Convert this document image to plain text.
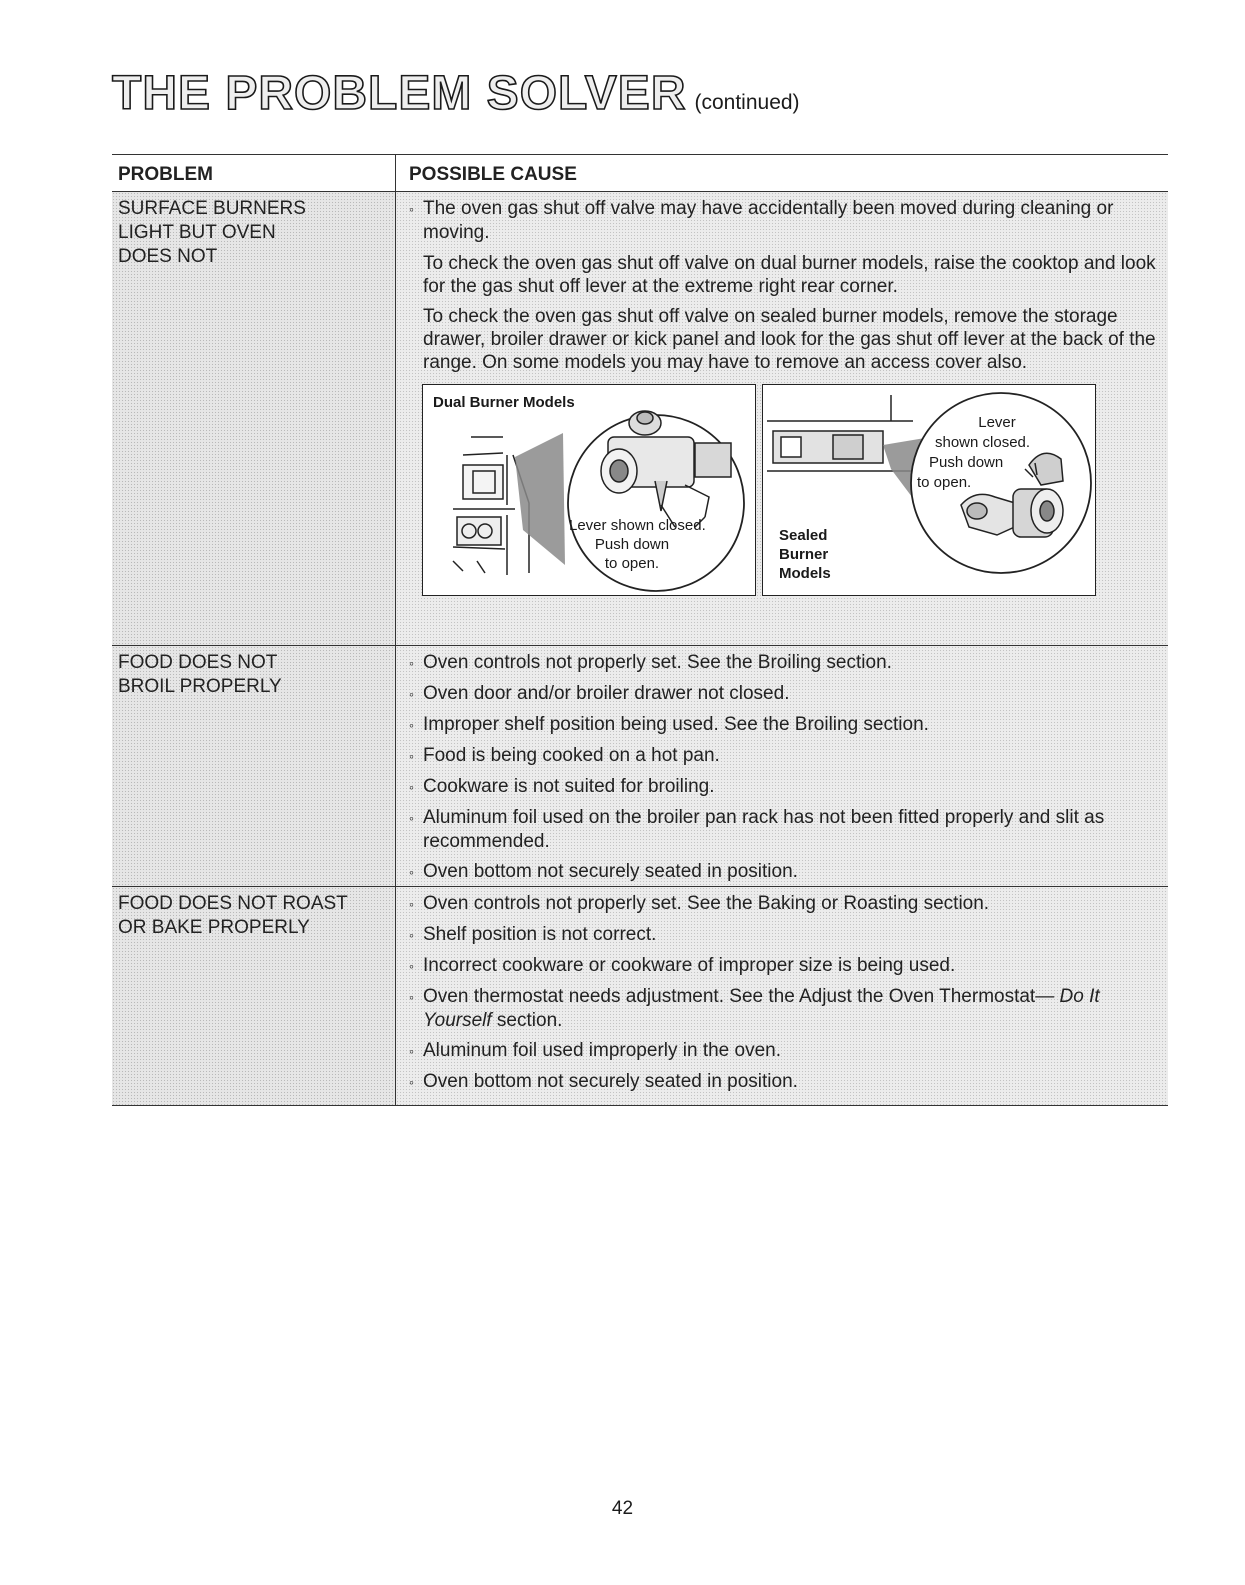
THE PROBLEM SOLVER (continued)
PROBLEM	POSSIBLE CAUSE
SURFACE BURNERS
LIGHT BUT OVEN
DOES NOT
◦ The oven gas shut off valve may have accidentally been moved during cleaning or moving.
To check the oven gas shut off valve on dual burner models, raise the cooktop and look for the gas shut off lever at the extreme right rear corner.
To check the oven gas shut off valve on sealed burner models, remove the storage drawer, broiler drawer or kick panel and look for the gas shut off lever at the back of the range. On some models you may have to remove an access cover also.
Dual Burner Models
Lever shown closed.
Push down
to open.
Lever
shown closed.
Push down
to open.
Sealed
Burner
Models
FOOD DOES NOT
BROIL PROPERLY
◦ Oven controls not properly set. See the Broiling section.
◦ Oven door and/or broiler drawer not closed.
◦ Improper shelf position being used. See the Broiling section.
◦ Food is being cooked on a hot pan.
◦ Cookware is not suited for broiling.
◦ Aluminum foil used on the broiler pan rack has not been fitted properly and slit as recommended.
◦ Oven bottom not securely seated in position.
FOOD DOES NOT ROAST
OR BAKE PROPERLY
◦ Oven controls not properly set. See the Baking or Roasting section.
◦ Shelf position is not correct.
◦ Incorrect cookware or cookware of improper size is being used.
◦ Oven thermostat needs adjustment. See the Adjust the Oven Thermostat— Do It Yourself section.
◦ Aluminum foil used improperly in the oven.
◦ Oven bottom not securely seated in position.
42
